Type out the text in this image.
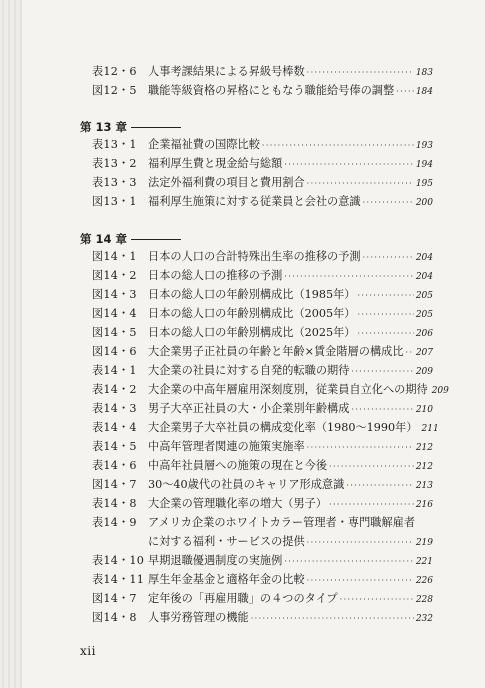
表12・6	人事考課結果による昇級号棒数 ·····	183
図12・5	職能等級資格の昇格にともなう職能給号俸の調整 ····· 184
第 13 章
表13・1	企業福祉費の国際比較 ·····	193
表13・2	福利厚生費と現金給与総額 ·····	194
表13・3	法定外福利費の項目と費用割合 ·····	195
図13・1	福利厚生施策に対する従業員と会社の意識 ·····	200
第 14 章
図14・1	日本の人口の合計特殊出生率の推移の予測 ·····	204
図14・2	日本の総人口の推移の予測 ·····	204
図14・3	日本の総人口の年齢別構成比（1985年） ·····	205
図14・4	日本の総人口の年齢別構成比（2005年） ·····	205
図14・5	日本の総人口の年齢別構成比（2025年） ·····	206
図14・6	大企業男子正社員の年齢と年齢×賃金階層の構成比 ····· 207
表14・1	大企業の社員に対する自発的転職の期待 ·····	209
表14・2	大企業の中高年層雇用深刻度別，従業員自立化への期待 209
表14・3	男子大卒正社員の大・小企業別年齢構成 ·····	210
表14・4	大企業男子大卒社員の構成変化率（1980～1990年） 211
表14・5	中高年管理者関連の施策実施率 ·····	212
表14・6	中高年社員層への施策の現在と今後 ·····	212
図14・7	30～40歳代の社員のキャリア形成意識 ·····	213
表14・8	大企業の管理職化率の増大（男子） ·····	216
表14・9	アメリカ企業のホワイトカラー管理者・専門職解雇者
に対する福利・サービスの提供 ·····	219
表14・10 早期退職優遇制度の実施例 ·····	221
表14・11 厚生年金基金と適格年金の比較 ·····	226
図14・7	定年後の「再雇用職」の４つのタイプ ·····	228
図14・8	人事労務管理の機能 ·····	232
xii
